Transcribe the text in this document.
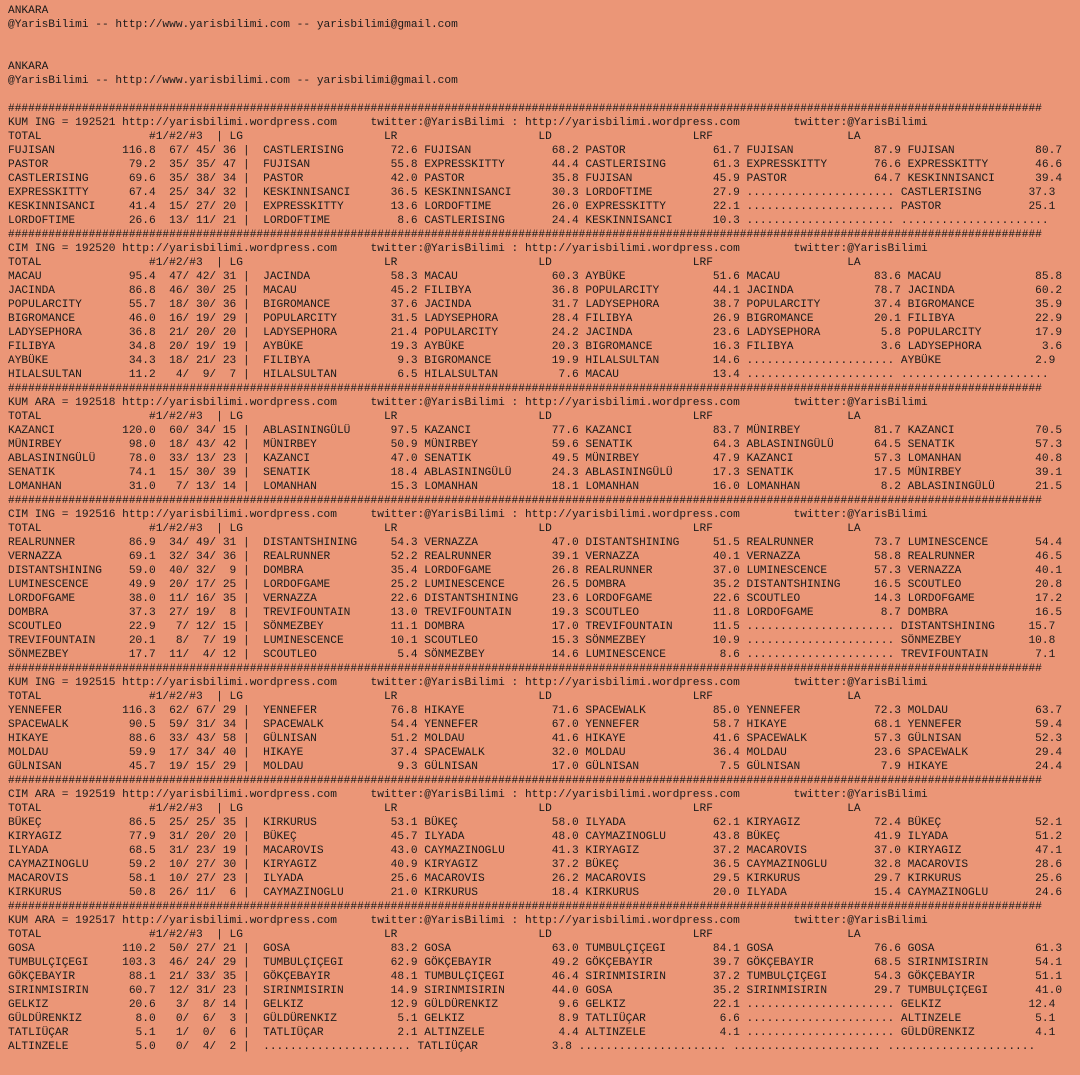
ANKARA
@YarisBilimi -- http://www.yarisbilimi.com -- yarisbilimi@gmail.com
ANKARA
@YarisBilimi -- http://www.yarisbilimi.com -- yarisbilimi@gmail.com
##########################################################################################################################################################
KUM ING = 192521 http://yarisbilimi.wordpress.com     twitter:@YarisBilimi : http://yarisbilimi.wordpress.com        twitter:@YarisBilimi
TOTAL                #1/#2/#3  | LG                     LR                     LD                     LRF                    LA
FUJISAN          116.8  67/ 45/ 36 |  CASTLERISING       72.6 FUJISAN            68.2 PASTOR             61.7 FUJISAN            87.9 FUJISAN            80.7
PASTOR            79.2  35/ 35/ 47 |  FUJISAN            55.8 EXPRESSKITTY       44.4 CASTLERISING       61.3 EXPRESSKITTY       76.6 EXPRESSKITTY       46.6
CASTLERISING      69.6  35/ 38/ 34 |  PASTOR             42.0 PASTOR             35.8 FUJISAN            45.9 PASTOR             64.7 KESKINNISANCI      39.4
EXPRESSKITTY      67.4  25/ 34/ 32 |  KESKINNISANCI      36.5 KESKINNISANCI      30.3 LORDOFTIME         27.9 ...................... CASTLERISING       37.3
KESKINNISANCI     41.4  15/ 27/ 20 |  EXPRESSKITTY       13.6 LORDOFTIME         26.0 EXPRESSKITTY       22.1 ...................... PASTOR             25.1
LORDOFTIME        26.6  13/ 11/ 21 |  LORDOFTIME          8.6 CASTLERISING       24.4 KESKINNISANCI      10.3 ...................... ......................
##########################################################################################################################################################
CIM ING = 192520 http://yarisbilimi.wordpress.com     twitter:@YarisBilimi : http://yarisbilimi.wordpress.com        twitter:@YarisBilimi
TOTAL                #1/#2/#3  | LG                     LR                     LD                     LRF                    LA
MACAU             95.4  47/ 42/ 31 |  JACINDA            58.3 MACAU              60.3 AYBÜKE             51.6 MACAU              83.6 MACAU              85.8
JACINDA           86.8  46/ 30/ 25 |  MACAU              45.2 FILIBYA            36.8 POPULARCITY        44.1 JACINDA            78.7 JACINDA            60.2
POPULARCITY       55.7  18/ 30/ 36 |  BIGROMANCE         37.6 JACINDA            31.7 LADYSEPHORA        38.7 POPULARCITY        37.4 BIGROMANCE         35.9
BIGROMANCE        46.0  16/ 19/ 29 |  POPULARCITY        31.5 LADYSEPHORA        28.4 FILIBYA            26.9 BIGROMANCE         20.1 FILIBYA            22.9
LADYSEPHORA       36.8  21/ 20/ 20 |  LADYSEPHORA        21.4 POPULARCITY        24.2 JACINDA            23.6 LADYSEPHORA         5.8 POPULARCITY        17.9
FILIBYA           34.8  20/ 19/ 19 |  AYBÜKE             19.3 AYBÜKE             20.3 BIGROMANCE         16.3 FILIBYA             3.6 LADYSEPHORA         3.6
AYBÜKE            34.3  18/ 21/ 23 |  FILIBYA             9.3 BIGROMANCE         19.9 HILALSULTAN        14.6 ...................... AYBÜKE              2.9
HILALSULTAN       11.2   4/  9/  7 |  HILALSULTAN         6.5 HILALSULTAN         7.6 MACAU              13.4 ...................... ......................
##########################################################################################################################################################
KUM ARA = 192518 http://yarisbilimi.wordpress.com     twitter:@YarisBilimi : http://yarisbilimi.wordpress.com        twitter:@YarisBilimi
TOTAL                #1/#2/#3  | LG                     LR                     LD                     LRF                    LA
KAZANCI          120.0  60/ 34/ 15 |  ABLASININGÜLÜ      97.5 KAZANCI            77.6 KAZANCI            83.7 MÜNIRBEY           81.7 KAZANCI            70.5
MÜNIRBEY          98.0  18/ 43/ 42 |  MÜNIRBEY           50.9 MÜNIRBEY           59.6 SENATIK            64.3 ABLASININGÜLÜ      64.5 SENATIK            57.3
ABLASININGÜLÜ     78.0  33/ 13/ 23 |  KAZANCI            47.0 SENATIK            49.5 MÜNIRBEY           47.9 KAZANCI            57.3 LOMANHAN           40.8
SENATIK           74.1  15/ 30/ 39 |  SENATIK            18.4 ABLASININGÜLÜ      24.3 ABLASININGÜLÜ      17.3 SENATIK            17.5 MÜNIRBEY           39.1
LOMANHAN          31.0   7/ 13/ 14 |  LOMANHAN           15.3 LOMANHAN           18.1 LOMANHAN           16.0 LOMANHAN            8.2 ABLASININGÜLÜ      21.5
##########################################################################################################################################################
CIM ING = 192516 http://yarisbilimi.wordpress.com     twitter:@YarisBilimi : http://yarisbilimi.wordpress.com        twitter:@YarisBilimi
TOTAL                #1/#2/#3  | LG                     LR                     LD                     LRF                    LA
REALRUNNER        86.9  34/ 49/ 31 |  DISTANTSHINING     54.3 VERNAZZA           47.0 DISTANTSHINING     51.5 REALRUNNER         73.7 LUMINESCENCE       54.4
VERNAZZA          69.1  32/ 34/ 36 |  REALRUNNER         52.2 REALRUNNER         39.1 VERNAZZA           40.1 VERNAZZA           58.8 REALRUNNER         46.5
DISTANTSHINING    59.0  40/ 32/  9 |  DOMBRA             35.4 LORDOFGAME         26.8 REALRUNNER         37.0 LUMINESCENCE       57.3 VERNAZZA           40.1
LUMINESCENCE      49.9  20/ 17/ 25 |  LORDOFGAME         25.2 LUMINESCENCE       26.5 DOMBRA             35.2 DISTANTSHINING     16.5 SCOUTLEO           20.8
LORDOFGAME        38.0  11/ 16/ 35 |  VERNAZZA           22.6 DISTANTSHINING     23.6 LORDOFGAME         22.6 SCOUTLEO           14.3 LORDOFGAME         17.2
DOMBRA            37.3  27/ 19/  8 |  TREVIFOUNTAIN      13.0 TREVIFOUNTAIN      19.3 SCOUTLEO           11.8 LORDOFGAME          8.7 DOMBRA             16.5
SCOUTLEO          22.9   7/ 12/ 15 |  SÖNMEZBEY          11.1 DOMBRA             17.0 TREVIFOUNTAIN      11.5 ...................... DISTANTSHINING     15.7
TREVIFOUNTAIN     20.1   8/  7/ 19 |  LUMINESCENCE       10.1 SCOUTLEO           15.3 SÖNMEZBEY          10.9 ...................... SÖNMEZBEY          10.8
SÖNMEZBEY         17.7  11/  4/ 12 |  SCOUTLEO            5.4 SÖNMEZBEY          14.6 LUMINESCENCE        8.6 ...................... TREVIFOUNTAIN       7.1
##########################################################################################################################################################
KUM ING = 192515 http://yarisbilimi.wordpress.com     twitter:@YarisBilimi : http://yarisbilimi.wordpress.com        twitter:@YarisBilimi
TOTAL                #1/#2/#3  | LG                     LR                     LD                     LRF                    LA
YENNEFER         116.3  62/ 67/ 29 |  YENNEFER           76.8 HIKAYE             71.6 SPACEWALK          85.0 YENNEFER           72.3 MOLDAU             63.7
SPACEWALK         90.5  59/ 31/ 34 |  SPACEWALK          54.4 YENNEFER           67.0 YENNEFER           58.7 HIKAYE             68.1 YENNEFER           59.4
HIKAYE            88.6  33/ 43/ 58 |  GÜLNISAN           51.2 MOLDAU             41.6 HIKAYE             41.6 SPACEWALK          57.3 GÜLNISAN           52.3
MOLDAU            59.9  17/ 34/ 40 |  HIKAYE             37.4 SPACEWALK          32.0 MOLDAU             36.4 MOLDAU             23.6 SPACEWALK          29.4
GÜLNISAN          45.7  19/ 15/ 29 |  MOLDAU              9.3 GÜLNISAN           17.0 GÜLNISAN            7.5 GÜLNISAN            7.9 HIKAYE             24.4
##########################################################################################################################################################
CIM ARA = 192519 http://yarisbilimi.wordpress.com     twitter:@YarisBilimi : http://yarisbilimi.wordpress.com        twitter:@YarisBilimi
TOTAL                #1/#2/#3  | LG                     LR                     LD                     LRF                    LA
BÜKEÇ             86.5  25/ 25/ 35 |  KIRKURUS           53.1 BÜKEÇ              58.0 ILYADA             62.1 KIRYAGIZ           72.4 BÜKEÇ              52.1
KIRYAGIZ          77.9  31/ 20/ 20 |  BÜKEÇ              45.7 ILYADA             48.0 CAYMAZINOGLU       43.8 BÜKEÇ              41.9 ILYADA             51.2
ILYADA            68.5  31/ 23/ 19 |  MACAROVIS          43.0 CAYMAZINOGLU       41.3 KIRYAGIZ           37.2 MACAROVIS          37.0 KIRYAGIZ           47.1
CAYMAZINOGLU      59.2  10/ 27/ 30 |  KIRYAGIZ           40.9 KIRYAGIZ           37.2 BÜKEÇ              36.5 CAYMAZINOGLU       32.8 MACAROVIS          28.6
MACAROVIS         58.1  10/ 27/ 23 |  ILYADA             25.6 MACAROVIS          26.2 MACAROVIS          29.5 KIRKURUS           29.7 KIRKURUS           25.6
KIRKURUS          50.8  26/ 11/  6 |  CAYMAZINOGLU       21.0 KIRKURUS           18.4 KIRKURUS           20.0 ILYADA             15.4 CAYMAZINOGLU       24.6
##########################################################################################################################################################
KUM ARA = 192517 http://yarisbilimi.wordpress.com     twitter:@YarisBilimi : http://yarisbilimi.wordpress.com        twitter:@YarisBilimi
TOTAL                #1/#2/#3  | LG                     LR                     LD                     LRF                    LA
GOSA             110.2  50/ 27/ 21 |  GOSA               83.2 GOSA               63.0 TUMBULÇIÇEGI       84.1 GOSA               76.6 GOSA               61.3
TUMBULÇIÇEGI     103.3  46/ 24/ 29 |  TUMBULÇIÇEGI       62.9 GÖKÇEBAYIR         49.2 GÖKÇEBAYIR         39.7 GÖKÇEBAYIR         68.5 SIRINMISIRIN       54.1
GÖKÇEBAYIR        88.1  21/ 33/ 35 |  GÖKÇEBAYIR         48.1 TUMBULÇIÇEGI       46.4 SIRINMISIRIN       37.2 TUMBULÇIÇEGI       54.3 GÖKÇEBAYIR         51.1
SIRINMISIRIN      60.7  12/ 31/ 23 |  SIRINMISIRIN       14.9 SIRINMISIRIN       44.0 GOSA               35.2 SIRINMISIRIN       29.7 TUMBULÇIÇEGI       41.0
GELKIZ            20.6   3/  8/ 14 |  GELKIZ             12.9 GÜLDÜRENKIZ         9.6 GELKIZ             22.1 ...................... GELKIZ             12.4
GÜLDÜRENKIZ        8.0   0/  6/  3 |  GÜLDÜRENKIZ         5.1 GELKIZ              8.9 TATLIÜÇAR           6.6 ...................... ALTINZELE           5.1
TATLIÜÇAR          5.1   1/  0/  6 |  TATLIÜÇAR           2.1 ALTINZELE           4.4 ALTINZELE           4.1 ...................... GÜLDÜRENKIZ         4.1
ALTINZELE          5.0   0/  4/  2 |  ...................... TATLIÜÇAR           3.8 ...................... ...................... ......................
